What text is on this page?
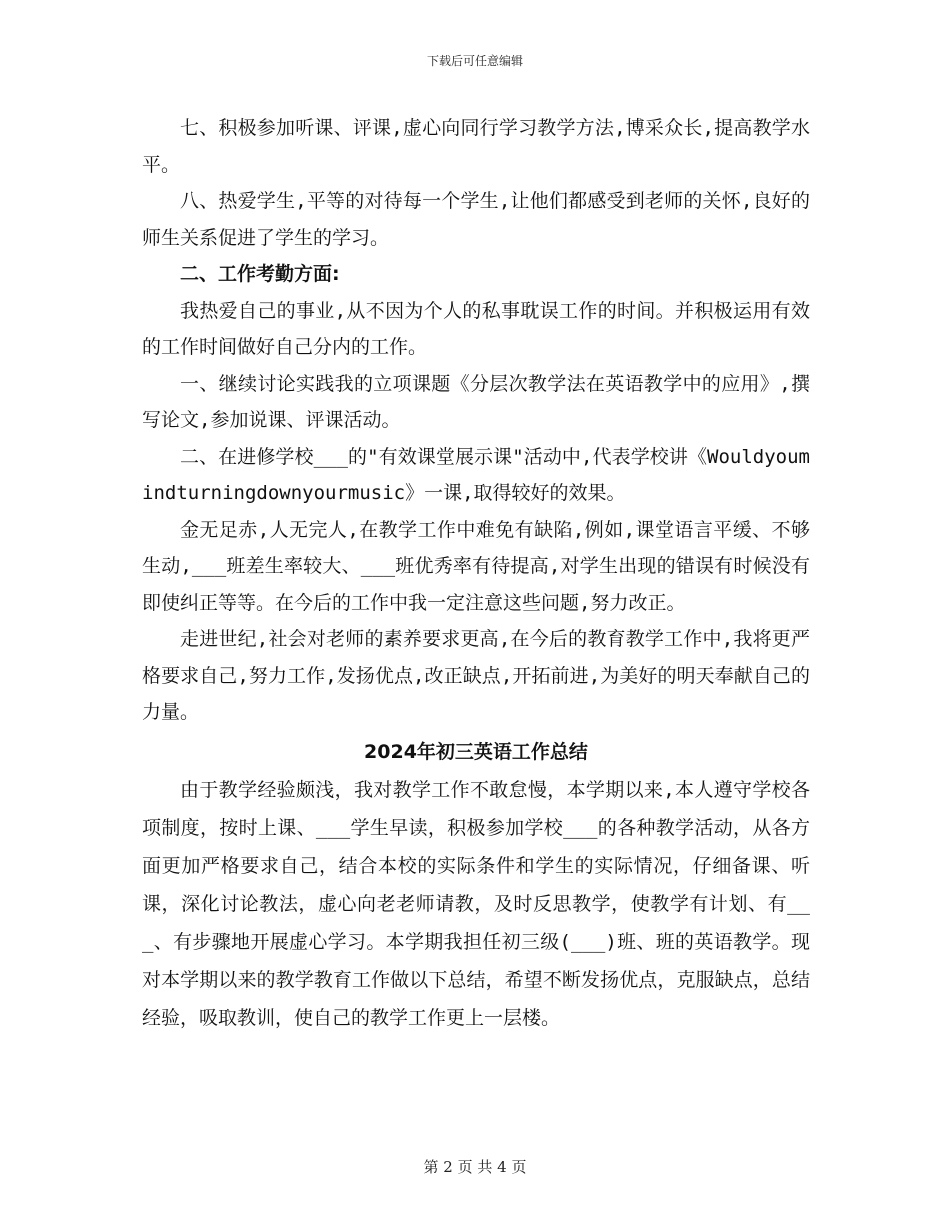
下载后可任意编辑

七、积极参加听课、评课,虚心向同行学习教学方法,博采众长,提高教学水平。

八、热爱学生,平等的对待每一个学生,让他们都感受到老师的关怀,良好的师生关系促进了学生的学习。

二、工作考勤方面:

我热爱自己的事业,从不因为个人的私事耽误工作的时间。并积极运用有效的工作时间做好自己分内的工作。

一、继续讨论实践我的立项课题《分层次教学法在英语教学中的应用》,撰写论文,参加说课、评课活动。

二、在进修学校___的"有效课堂展示课"活动中,代表学校讲《Wouldyoumindturningdownyourmusic》一课,取得较好的效果。

金无足赤,人无完人,在教学工作中难免有缺陷,例如,课堂语言平缓、不够生动,___班差生率较大、___班优秀率有待提高,对学生出现的错误有时候没有即使纠正等等。在今后的工作中我一定注意这些问题,努力改正。

走进世纪,社会对老师的素养要求更高,在今后的教育教学工作中,我将更严格要求自己,努力工作,发扬优点,改正缺点,开拓前进,为美好的明天奉献自己的力量。

2024年初三英语工作总结

由于教学经验颇浅，我对教学工作不敢怠慢，本学期以来,本人遵守学校各项制度，按时上课、___学生早读，积极参加学校___的各种教学活动，从各方面更加严格要求自己，结合本校的实际条件和学生的实际情况，仔细备课、听课，深化讨论教法，虚心向老老师请教，及时反思教学，使教学有计划、有___、有步骤地开展虚心学习。本学期我担任初三级(___)班、班的英语教学。现对本学期以来的教学教育工作做以下总结，希望不断发扬优点，克服缺点，总结经验，吸取教训，使自己的教学工作更上一层楼。

第 2 页 共 4 页
